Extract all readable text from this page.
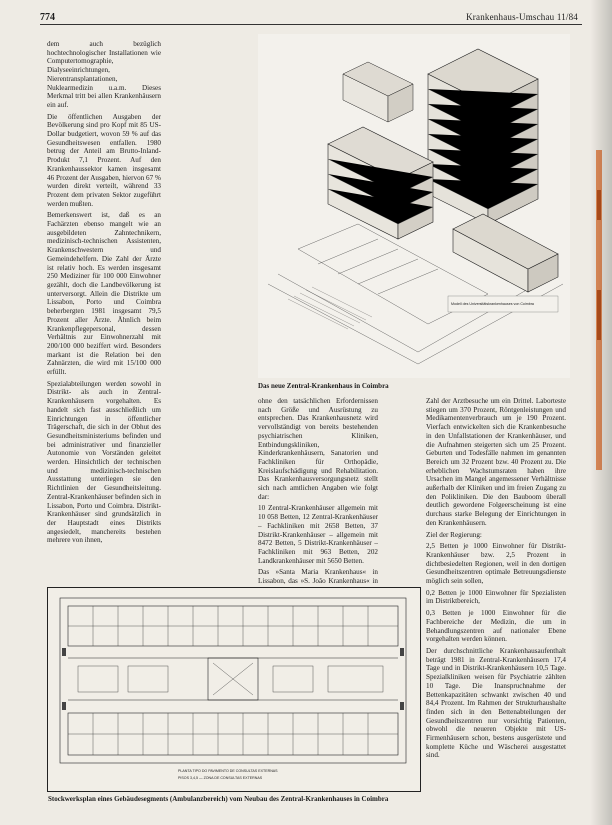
774	Krankenhaus-Umschau 11/84

dem auch bezüglich hochtechnologischer Installationen wie Computertomographie, Dialyseeinrichtungen, Nierentransplantationen, Nuklearmedizin u.a.m. Dieses Merkmal tritt bei allen Krankenhäusern ein auf.

Die öffentlichen Ausgaben der Bevölkerung sind pro Kopf mit 85 US-Dollar budgetiert, wovon 59 % auf das Gesundheitswesen entfallen. 1980 betrug der Anteil am Brutto-Inland-Produkt 7,1 Prozent. Auf den Krankenhaussektor kamen insgesamt 46 Prozent der Ausgaben, hiervon 67 % wurden direkt verteilt, während 33 Prozent dem privaten Sektor zugeführt werden mußten.

Bemerkenswert ist, daß es an Fachärzten ebenso mangelt wie an ausgebildeten Zahntechnikern, medizinisch-technischen Assistenten, Krankenschwestern und Gemeindehelfern. Die Zahl der Ärzte ist relativ hoch. Es werden insgesamt 250 Mediziner für 100 000 Einwohner gezählt, doch die Landbevölkerung ist unterversorgt. Allein die Distrikte um Lissabon, Porto und Coimbra beherbergten 1981 insgesamt 79,5 Prozent aller Ärzte. Ähnlich beim Krankenpflegepersonal, dessen Verhältnis zur Einwohnerzahl mit 200/100 000 beziffert wird. Besonders markant ist die Relation bei den Zahnärzten, die wird mit 15/100 000 erfüllt.

Spezialabteilungen werden sowohl in Distrikt- als auch in Zentral-Krankenhäusern vorgehalten. Es handelt sich fast ausschließlich um Einrichtungen in öffentlicher Trägerschaft, die sich in der Obhut des Gesundheitsministeriums befinden und bei administrativer und finanzieller Autonomie von Vorständen geleitet werden. Hinsichtlich der technischen und medizinisch-technischen Ausstattung unterliegen sie den Richtlinien der Gesundheitsleitung. Zentral-Krankenhäuser befinden sich in Lissabon, Porto und Coimbra. Distrikt-Krankenhäuser sind grundsätzlich in der Hauptstadt eines Distrikts angesiedelt, manchereits bestehen mehrere von ihnen,

Modell des Universitätskrankenhauses von Coimbra
Das neue Zentral-Krankenhaus in Coimbra

ohne den tatsächlichen Erfordernissen nach Größe und Ausrüstung zu entsprechen. Das Krankenhausnetz wird vervollständigt von bereits bestehenden psychiatrischen Kliniken, Entbindungskliniken, Kinderkrankenhäusern, Sanatorien und Fachkliniken für Orthopädie, Kreislaufschädigung und Rehabilitation. Das Krankenhausversorgungsnetz stellt sich nach amtlichen Angaben wie folgt dar:

10 Zentral-Krankenhäuser allgemein mit 10 058 Betten, 12 Zentral-Krankenhäuser – Fachkliniken mit 2658 Betten, 37 Distrikt-Krankenhäuser – allgemein mit 8472 Betten, 5 Distrikt-Krankenhäuser – Fachkliniken mit 963 Betten, 202 Landkrankenhäuser mit 5650 Betten.

Das »Santa Maria Krankenhaus« in Lissabon, das »S. João Krankenhaus« in Porto und die »Krankenhäuser der Universität Coimbra« werden als Akademische Lehrkrankenhäuser geführt.

In den letzten 10 Jahren erhöhte sich die

Zahl der Arztbesuche um ein Drittel. Laborteste stiegen um 370 Prozent, Röntgenleistungen und Medikamentenverbrauch um je 190 Prozent. Vierfach entwickelten sich die Krankenbesuche in den Unfallstationen der Krankenhäuser, und die Aufnahmen steigerten sich um 25 Prozent. Geburten und Todesfälle nahmen im genannten Bereich um 32 Prozent bzw. 40 Prozent zu. Die erheblichen Wachstumsraten haben ihre Ursachen im Mangel angemessener Verhältnisse außerhalb der Kliniken und im freien Zugang zu den Polikliniken. Die den Bauboom überall deutlich gewordene Folgeerscheinung ist eine durchaus starke Belegung der Einrichtungen in den Krankenhäusern.

Ziel der Regierung:

2,5 Betten je 1000 Einwohner für Distrikt-Krankenhäuser bzw. 2,5 Prozent in dichtbesiedelten Regionen, weil in den dortigen Gesundheitszentren optimale Betreuungsdienste möglich sein sollen,

0,2 Betten je 1000 Einwohner für Spezialisten im Distriktbereich,

0,3 Betten je 1000 Einwohner für die Fachbereiche der Medizin, die um in Behandlungszentren auf nationaler Ebene vorgehalten werden können.

Der durchschnittliche Krankenhausaufenthalt beträgt 1981 in Zentral-Krankenhäusern 17,4 Tage und in Distrikt-Krankenhäusern 10,5 Tage. Spezialkliniken weisen für Psychiatrie zählten 10 Tage. Die Inanspruchnahme der Bettenkapazitäten schwankt zwischen 40 und 84,4 Prozent. Im Rahmen der Strukturhaushalte finden sich in den Bettenabteilungen der Gesundheitszentren nur vorsichtig Patienten, obwohl die neueren Objekte mit US-Firmenhäusern schon, bestens ausgerüstete und komplette Küche und Wäscherei ausgestattet sind.

PLANTA TIPO DO PAVIMENTO DE CONSULTAS EXTERNAS
PISOS 3,4,5 — ZONA DE CONSULTAS EXTERNAS
Stockwerksplan eines Gebäudesegments (Ambulanzbereich) vom Neubau des Zentral-Krankenhauses in Coimbra
